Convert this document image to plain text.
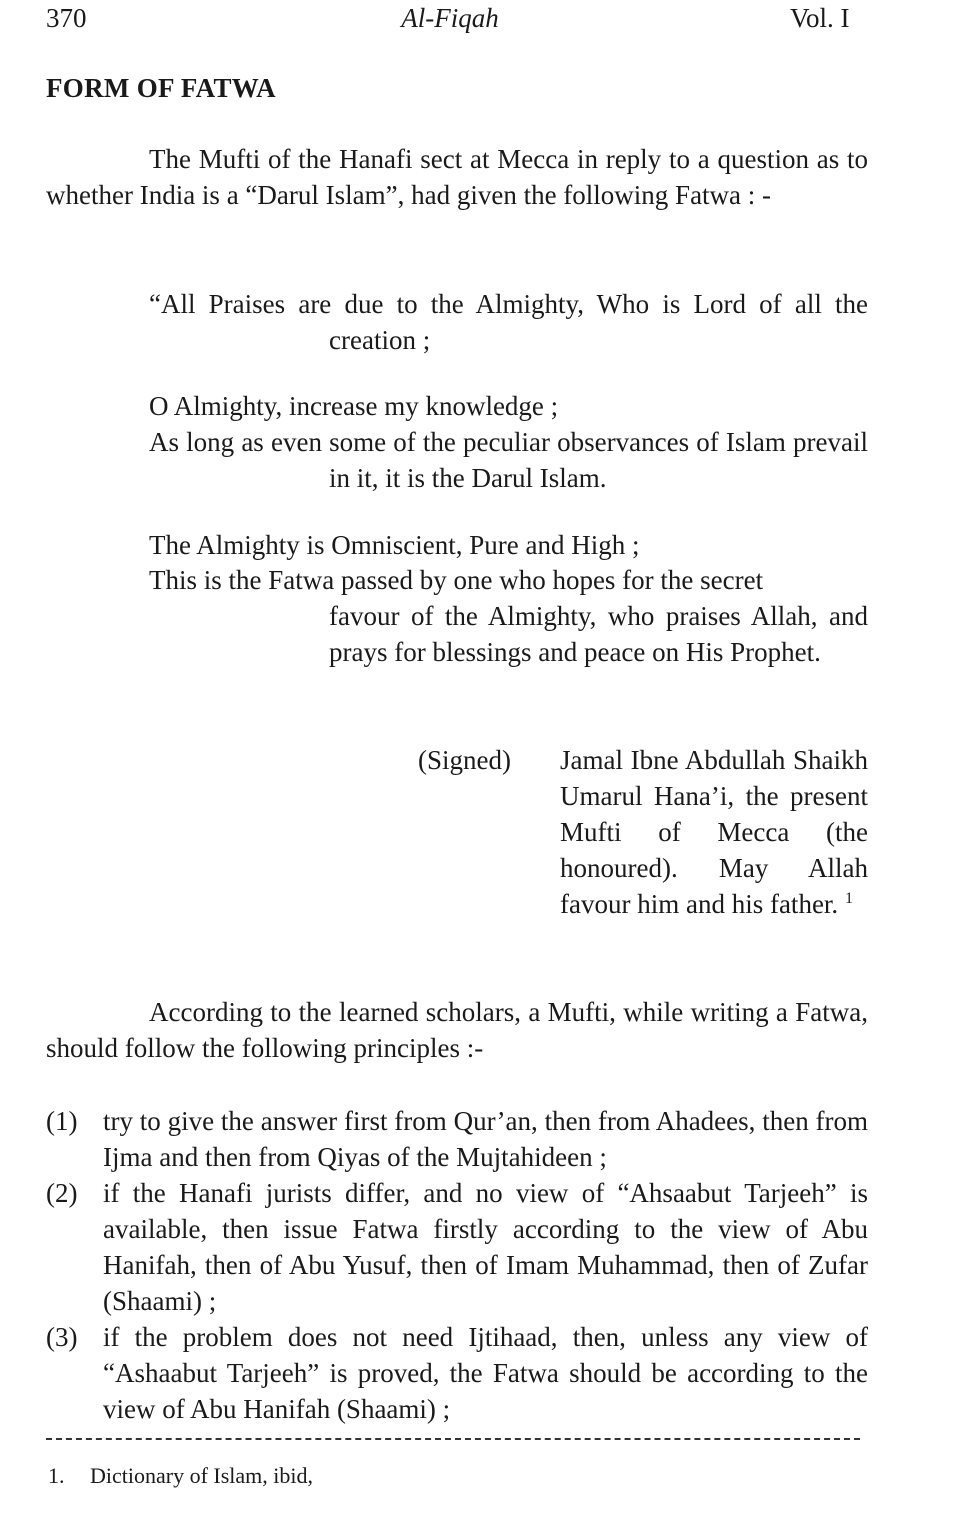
370	Al-Fiqah	Vol. I
FORM OF FATWA
The Mufti of the Hanafi sect at Mecca in reply to a question as to whether India is a “Darul Islam”, had given the following Fatwa : -
“All Praises are due to the Almighty, Who is Lord of all the creation ;
O Almighty, increase my knowledge ;
As long as even some of the peculiar observances of Islam prevail in it, it is the Darul Islam.
The Almighty is Omniscient, Pure and High ;
This is the Fatwa passed by one who hopes for the secret
favour of the Almighty, who praises Allah, and prays for blessings and peace on His Prophet.
(Signed) Jamal Ibne Abdullah Shaikh Umarul Hana’i, the present Mufti of Mecca (the honoured). May Allah favour him and his father. $^1$
According to the learned scholars, a Mufti, while writing a Fatwa, should follow the following principles :-
(1) try to give the answer first from Qur’an, then from Ahadees, then from Ijma and then from Qiyas of the Mujtahideen ;
(2) if the Hanafi jurists differ, and no view of “Ahsaabut Tarjeeh” is available, then issue Fatwa firstly according to the view of Abu Hanifah, then of Abu Yusuf, then of Imam Muhammad, then of Zufar (Shaami) ;
(3) if the problem does not need Ijtihaad, then, unless any view of “Ashaabut Tarjeeh” is proved, the Fatwa should be according to the view of Abu Hanifah (Shaami) ;
1. Dictionary of Islam, ibid,
